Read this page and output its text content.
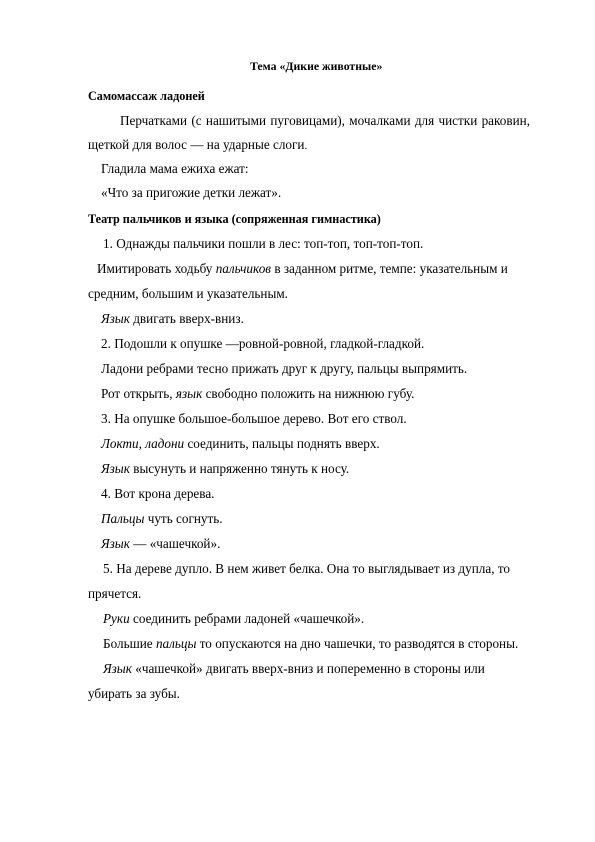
Тема «Дикие животные»
Самомассаж ладоней
Перчатками (с нашитыми пуговицами), мочалками для чистки раковин,
щеткой для волос — на ударные слоги.
Гладила мама ежиха ежат:
«Что за пригожие детки лежат».
Театр пальчиков и языка (сопряженная гимнастика)
1. Однажды пальчики пошли в лес: топ-топ, топ-топ-топ.
Имитировать ходьбу пальчиков в заданном ритме, темпе: указательным и
средним, большим и указательным.
Язык двигать вверх-вниз.
2. Подошли к опушке —ровной-ровной, гладкой-гладкой.
Ладони ребрами тесно прижать друг к другу, пальцы выпрямить.
Рот открыть, язык свободно положить на нижнюю губу.
3. На опушке большое-большое дерево. Вот его ствол.
Локти, ладони соединить, пальцы поднять вверх.
Язык высунуть и напряженно тянуть к носу.
4. Вот крона дерева.
Пальцы чуть согнуть.
Язык — «чашечкой».
5. На дереве дупло. В нем живет белка. Она то выглядывает из дупла, то
прячется.
Руки соединить ребрами ладоней «чашечкой».
Большие пальцы то опускаются на дно чашечки, то разводятся в стороны.
Язык «чашечкой» двигать вверх-вниз и попеременно в стороны или
убирать за зубы.
